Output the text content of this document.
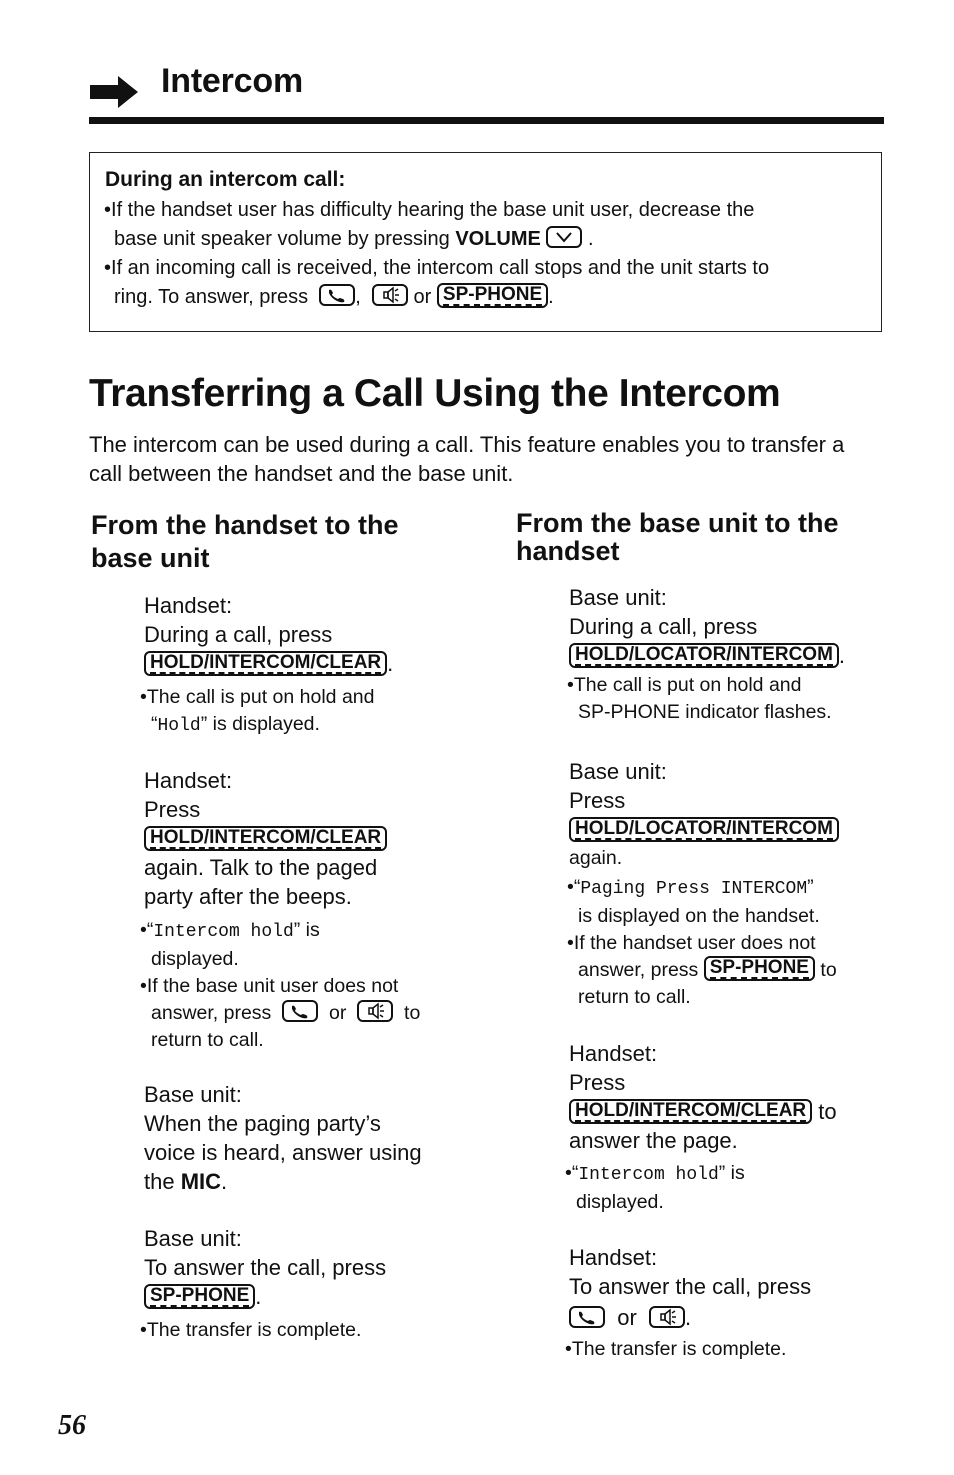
Intercom
During an intercom call:
•If the handset user has difficulty hearing the base unit user, decrease the
base unit speaker volume by pressing VOLUME .
•If an incoming call is received, the intercom call stops and the unit starts to
ring. To answer, press ,	or SP-PHONE .
Transferring a Call Using the Intercom
The intercom can be used during a call. This feature enables you to transfer a call between the handset and the base unit.
From the handset to the
base unit
Handset:
During a call, press
HOLD/INTERCOM/CLEAR .
•The call is put on hold and
“Hold” is displayed.
Handset:
Press
HOLD/INTERCOM/CLEAR
again. Talk to the paged
party after the beeps.
•“Intercom hold” is
displayed.
•If the base unit user does not
answer, press	or	to
return to call.
Base unit:
When the paging party’s
voice is heard, answer using
the MIC.
Base unit:
To answer the call, press
SP-PHONE .
•The transfer is complete.
From the base unit to the
handset
Base unit:
During a call, press
HOLD/LOCATOR/INTERCOM .
•The call is put on hold and
SP-PHONE indicator flashes.
Base unit:
Press
HOLD/LOCATOR/INTERCOM
again.
•“Paging Press INTERCOM”
is displayed on the handset.
•If the handset user does not
answer, press SP-PHONE to
return to call.
Handset:
Press
HOLD/INTERCOM/CLEAR to
answer the page.
•“Intercom hold” is
displayed.
Handset:
To answer the call, press
or .
•The transfer is complete.
56
